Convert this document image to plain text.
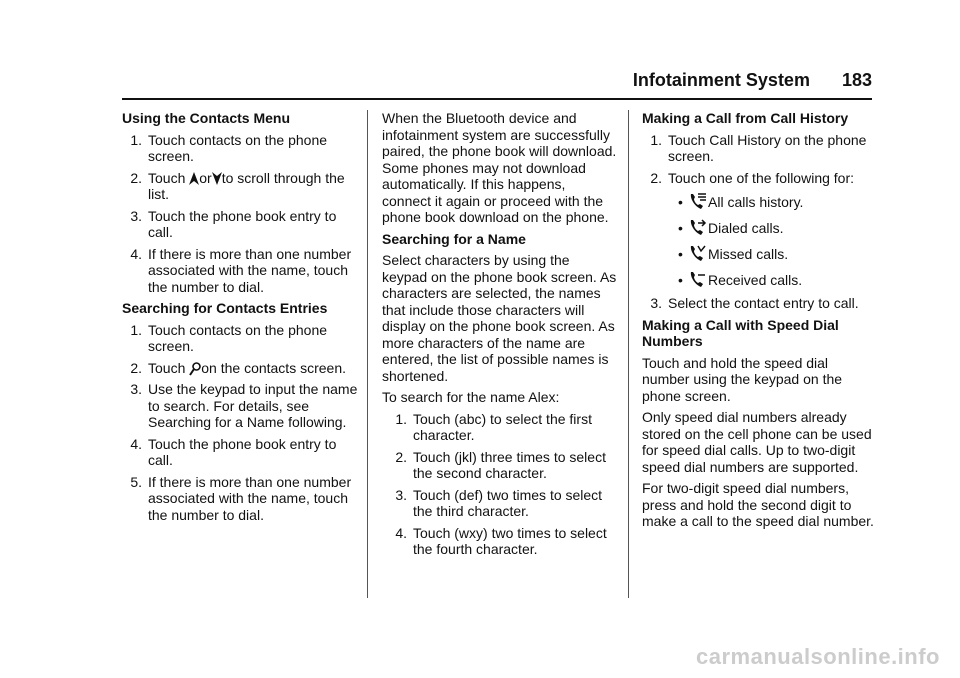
Infotainment System 183

Using the Contacts Menu

1. Touch contacts on the phone screen.
2. Touch or to scroll through the list.
3. Touch the phone book entry to call.
4. If there is more than one number associated with the name, touch the number to dial.

Searching for Contacts Entries

1. Touch contacts on the phone screen.
2. Touch on the contacts screen.
3. Use the keypad to input the name to search. For details, see Searching for a Name following.
4. Touch the phone book entry to call.
5. If there is more than one number associated with the name, touch the number to dial.

When the Bluetooth device and infotainment system are successfully paired, the phone book will download. Some phones may not download automatically. If this happens, connect it again or proceed with the phone book download on the phone.

Searching for a Name

Select characters by using the keypad on the phone book screen. As characters are selected, the names that include those characters will display on the phone book screen. As more characters of the name are entered, the list of possible names is shortened.

To search for the name Alex:

1. Touch (abc) to select the first character.
2. Touch (jkl) three times to select the second character.
3. Touch (def) two times to select the third character.
4. Touch (wxy) two times to select the fourth character.

Making a Call from Call History

1. Touch Call History on the phone screen.
2. Touch one of the following for:
•	All calls history.
•	Dialed calls.
•	Missed calls.
•	Received calls.
3. Select the contact entry to call.

Making a Call with Speed Dial Numbers

Touch and hold the speed dial number using the keypad on the phone screen.

Only speed dial numbers already stored on the cell phone can be used for speed dial calls. Up to two-digit speed dial numbers are supported.

For two-digit speed dial numbers, press and hold the second digit to make a call to the speed dial number.

carmanualsonline.info
